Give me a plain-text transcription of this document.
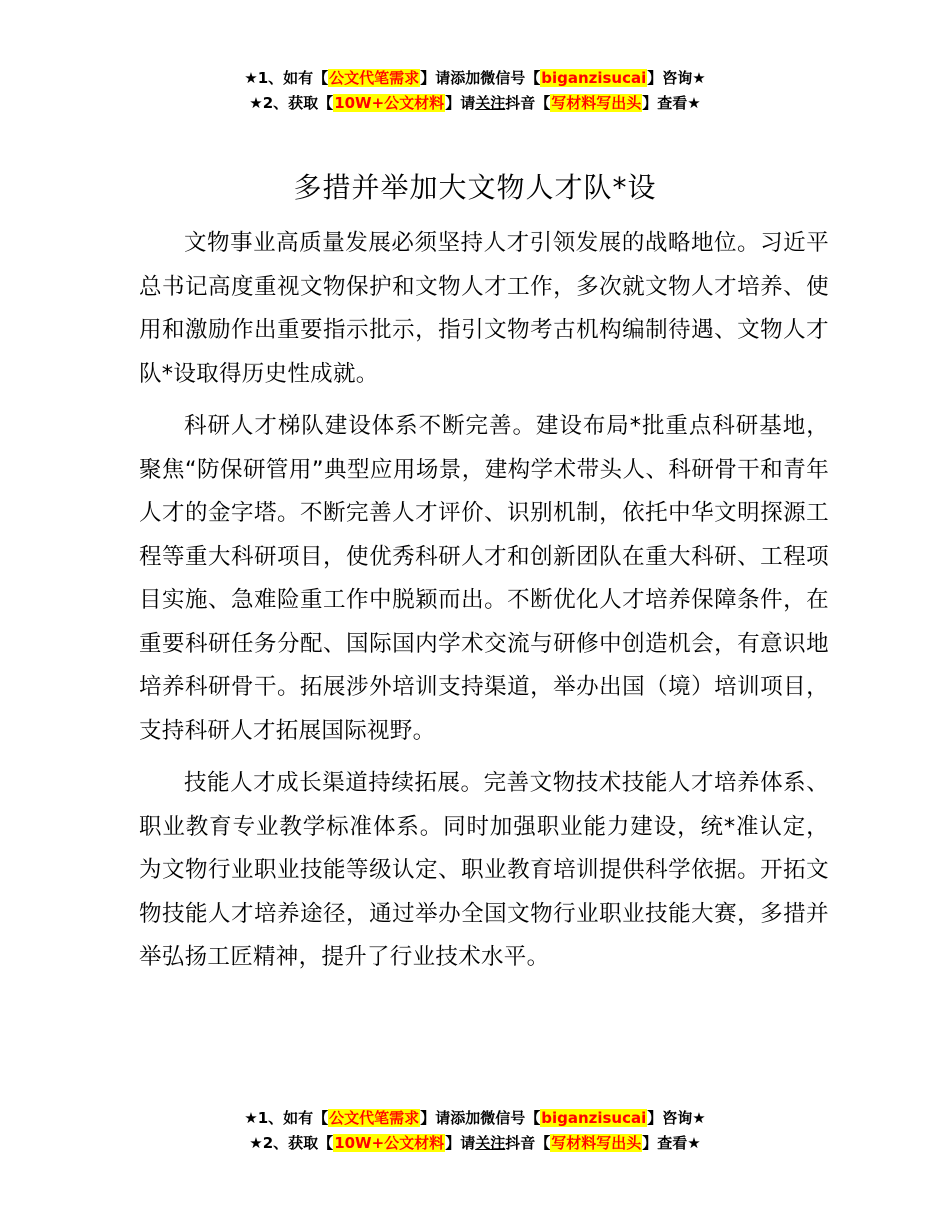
★1、如有【公文代笔需求】请添加微信号【biganzisucai】咨询★
★2、获取【10W+公文材料】请关注抖音【写材料写出头】查看★
多措并举加大文物人才队*设

文物事业高质量发展必须坚持人才引领发展的战略地位。习近平总书记高度重视文物保护和文物人才工作，多次就文物人才培养、使用和激励作出重要指示批示，指引文物考古机构编制待遇、文物人才队*设取得历史性成就。

科研人才梯队建设体系不断完善。建设布局*批重点科研基地，聚焦“防保研管用”典型应用场景，建构学术带头人、科研骨干和青年人才的金字塔。不断完善人才评价、识别机制，依托中华文明探源工程等重大科研项目，使优秀科研人才和创新团队在重大科研、工程项目实施、急难险重工作中脱颖而出。不断优化人才培养保障条件，在重要科研任务分配、国际国内学术交流与研修中创造机会，有意识地培养科研骨干。拓展涉外培训支持渠道，举办出国（境）培训项目，支持科研人才拓展国际视野。

技能人才成长渠道持续拓展。完善文物技术技能人才培养体系、职业教育专业教学标准体系。同时加强职业能力建设，统*准认定，为文物行业职业技能等级认定、职业教育培训提供科学依据。开拓文物技能人才培养途径，通过举办全国文物行业职业技能大赛，多措并举弘扬工匠精神，提升了行业技术水平。

★1、如有【公文代笔需求】请添加微信号【biganzisucai】咨询★
★2、获取【10W+公文材料】请关注抖音【写材料写出头】查看★
